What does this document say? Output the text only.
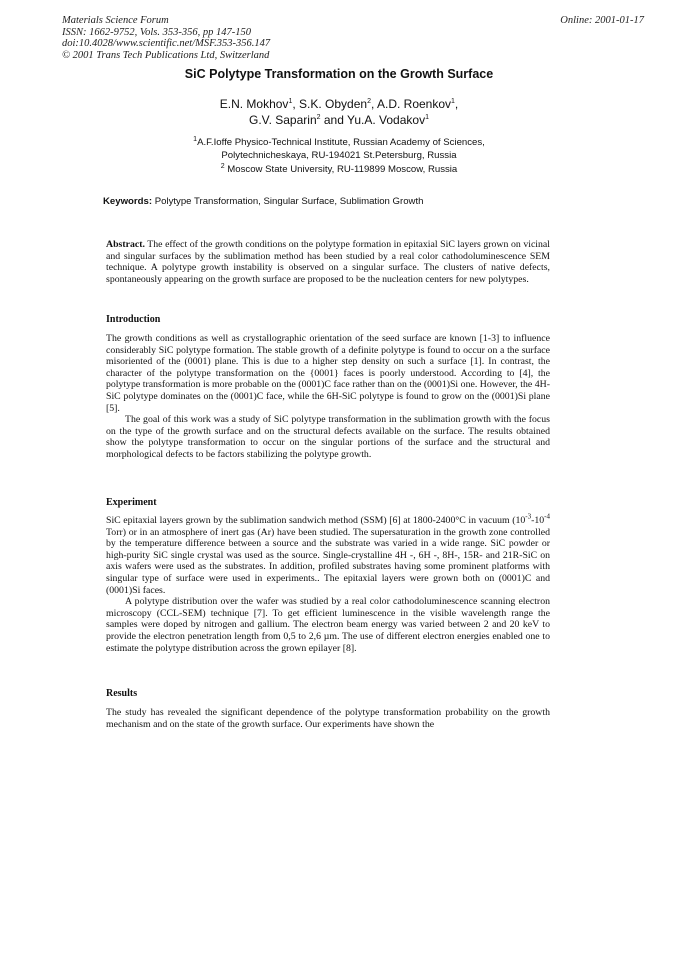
Materials Science Forum
ISSN: 1662-9752, Vols. 353-356, pp 147-150
doi:10.4028/www.scientific.net/MSF.353-356.147
© 2001 Trans Tech Publications Ltd, Switzerland
Online: 2001-01-17
SiC Polytype Transformation on the Growth Surface
E.N. Mokhov$^1$, S.K. Obyden$^2$, A.D. Roenkov$^1$,
G.V. Saparin$^2$ and Yu.A. Vodakov$^1$
$^1$A.F.Ioffe Physico-Technical Institute, Russian Academy of Sciences,
Polytechnicheskaya, RU-194021 St.Petersburg, Russia
$^2$ Moscow State University, RU-119899 Moscow, Russia
Keywords: Polytype Transformation, Singular Surface, Sublimation Growth

Abstract. The effect of the growth conditions on the polytype formation in epitaxial SiC layers grown on vicinal and singular surfaces by the sublimation method has been studied by a real color cathodoluminescence SEM technique. A polytype growth instability is observed on a singular surface. The clusters of native defects, spontaneously appearing on the growth surface are proposed to be the nucleation centers for new polytypes.

Introduction

The growth conditions as well as crystallographic orientation of the seed surface are known [1-3] to influence considerably SiC polytype formation. The stable growth of a definite polytype is found to occur on a the surface misoriented of the (0001) plane. This is due to a higher step density on such a surface [1]. In contrast, the character of the polytype transformation on the {0001} faces is poorly understood. According to [4], the polytype transformation is more probable on the (0001)C face rather than on the (0001)Si one. However, the 4H-SiC polytype dominates on the (0001)C face, while the 6H-SiC polytype is found to grow on the (0001)Si plane [5].

The goal of this work was a study of SiC polytype transformation in the sublimation growth with the focus on the type of the growth surface and on the structural defects available on the surface. The results obtained show the polytype transformation to occur on the singular portions of the surface and the structural and morphological defects to be factors stabilizing the polytype growth.

Experiment

SiC epitaxial layers grown by the sublimation sandwich method (SSM) [6] at 1800-2400°C in vacuum ($10^{-3}-10^{-4}$ Torr) or in an atmosphere of inert gas (Ar) have been studied. The supersaturation in the growth zone controlled by the temperature difference between a source and the substrate was varied in a wide range. SiC powder or high-purity SiC single crystal was used as the source. Single-crystalline 4H -, 6H -, 8H-, 15R- and 21R-SiC on axis wafers were used as the substrates. In addition, profiled substrates having some prominent platforms with singular type of surface were used in experiments.. The epitaxial layers were grown both on (0001)C and (0001)Si faces.

A polytype distribution over the wafer was studied by a real color cathodoluminescence scanning electron microscopy (CCL-SEM) technique [7]. To get efficient luminescence in the visible wavelength range the samples were doped by nitrogen and gallium. The electron beam energy was varied between 2 and 20 keV to provide the electron penetration length from 0,5 to 2,6 µm. The use of different electron energies enabled one to estimate the polytype distribution across the grown epilayer [8].

Results

The study has revealed the significant dependence of the polytype transformation probability on the growth mechanism and on the state of the growth surface. Our experiments have shown the
